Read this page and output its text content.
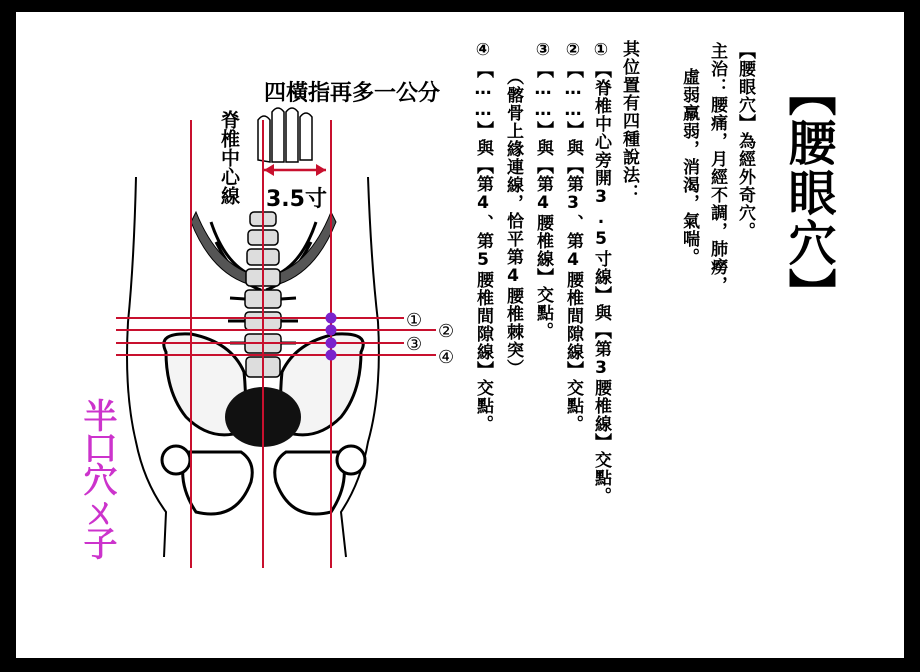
四橫指再多一公分
脊椎中心線 3.5寸
①
②
③
④
半口穴ㄨ子
【腰眼穴】
【腰眼穴】為經外奇穴。
主治：腰痛，月經不調，肺癆，
虛弱羸弱，消渴，氣喘。
其位置有四種說法：
①【脊椎中心旁開3.5寸線】與【第3腰椎線】交點。
②【……】與【第3、第4腰椎間隙線】交點。
③【……】與【第4腰椎線】交點。
（髂骨上緣連線，恰平第4腰椎棘突）
④【……】與【第4、第5腰椎間隙線】交點。
